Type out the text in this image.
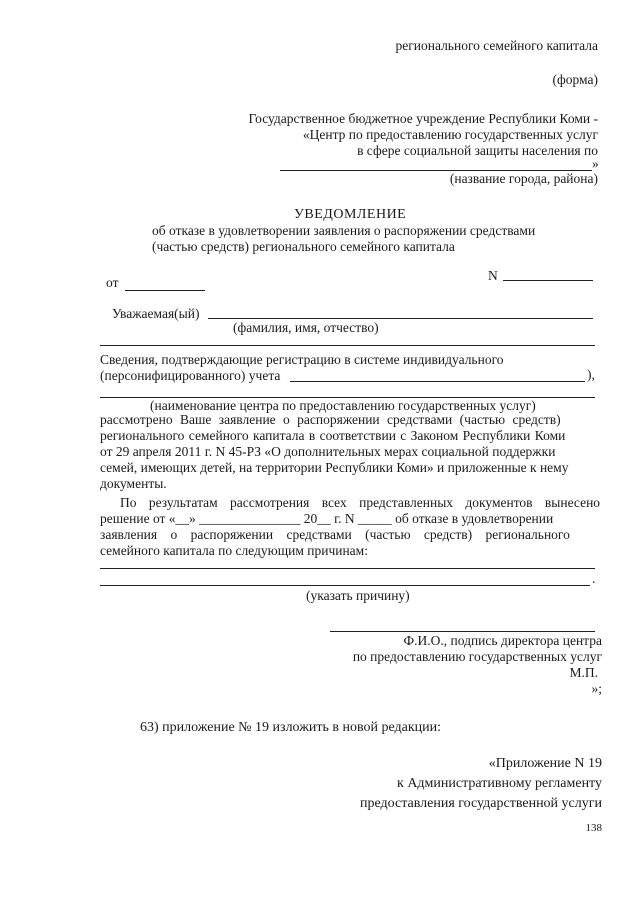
регионального семейного капитала
(форма)
Государственное бюджетное учреждение Республики Коми -
«Центр по предоставлению государственных услуг
в сфере социальной защиты населения по
»
(название города, района)
УВЕДОМЛЕНИЕ
об отказе в удовлетворении заявления о распоряжении средствами
(частью средств) регионального семейного капитала
от	N
Уважаемая(ый)
(фамилия, имя, отчество)
Сведения, подтверждающие регистрацию в системе индивидуального
(персонифицированного) учета	),
(наименование центра по предоставлению государственных услуг)
рассмотрено Ваше заявление о распоряжении средствами (частью средств)
регионального семейного капитала в соответствии с Законом Республики Коми
от 29 апреля 2011 г. N 45-РЗ «О дополнительных мерах социальной поддержки
семей, имеющих детей, на территории Республики Коми» и приложенные к нему
документы.
По результатам рассмотрения всех представленных документов вынесено
решение от «__» _______________ 20__ г. N _____ об отказе в удовлетворении
заявления о распоряжении средствами (частью средств) регионального
семейного капитала по следующим причинам:
.
(указать причину)
Ф.И.О., подпись директора центра
по предоставлению государственных услуг
М.П.
»;
63) приложение № 19 изложить в новой редакции:
«Приложение N 19
к Административному регламенту
предоставления государственной услуги
138
